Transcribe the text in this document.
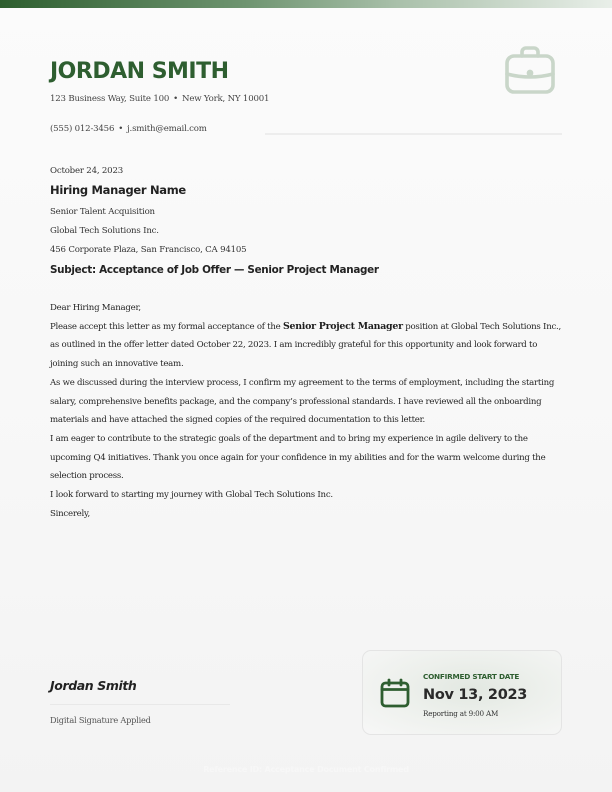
JORDAN SMITH
123 Business Way, Suite 100 • New York, NY 10001
(555) 012-3456 • j.smith@email.com
October 24, 2023
Hiring Manager Name
Senior Talent Acquisition
Global Tech Solutions Inc.
456 Corporate Plaza, San Francisco, CA 94105
Subject: Acceptance of Job Offer — Senior Project Manager

Dear Hiring Manager,

Please accept this letter as my formal acceptance of the Senior Project Manager position at Global Tech Solutions Inc., as outlined in the offer letter dated October 22, 2023. I am incredibly grateful for this opportunity and look forward to joining such an innovative team.

As we discussed during the interview process, I confirm my agreement to the terms of employment, including the starting salary, comprehensive benefits package, and the company’s professional standards. I have reviewed all the onboarding materials and have attached the signed copies of the required documentation to this letter.

I am eager to contribute to the strategic goals of the department and to bring my experience in agile delivery to the upcoming Q4 initiatives. Thank you once again for your confidence in my abilities and for the warm welcome during the selection process.

I look forward to starting my journey with Global Tech Solutions Inc.

Sincerely,

Jordan Smith
Digital Signature Applied
CONFIRMED START DATE
Nov 13, 2023
Reporting at 9:00 AM
Reference ID: Acceptance Document Confirmed
